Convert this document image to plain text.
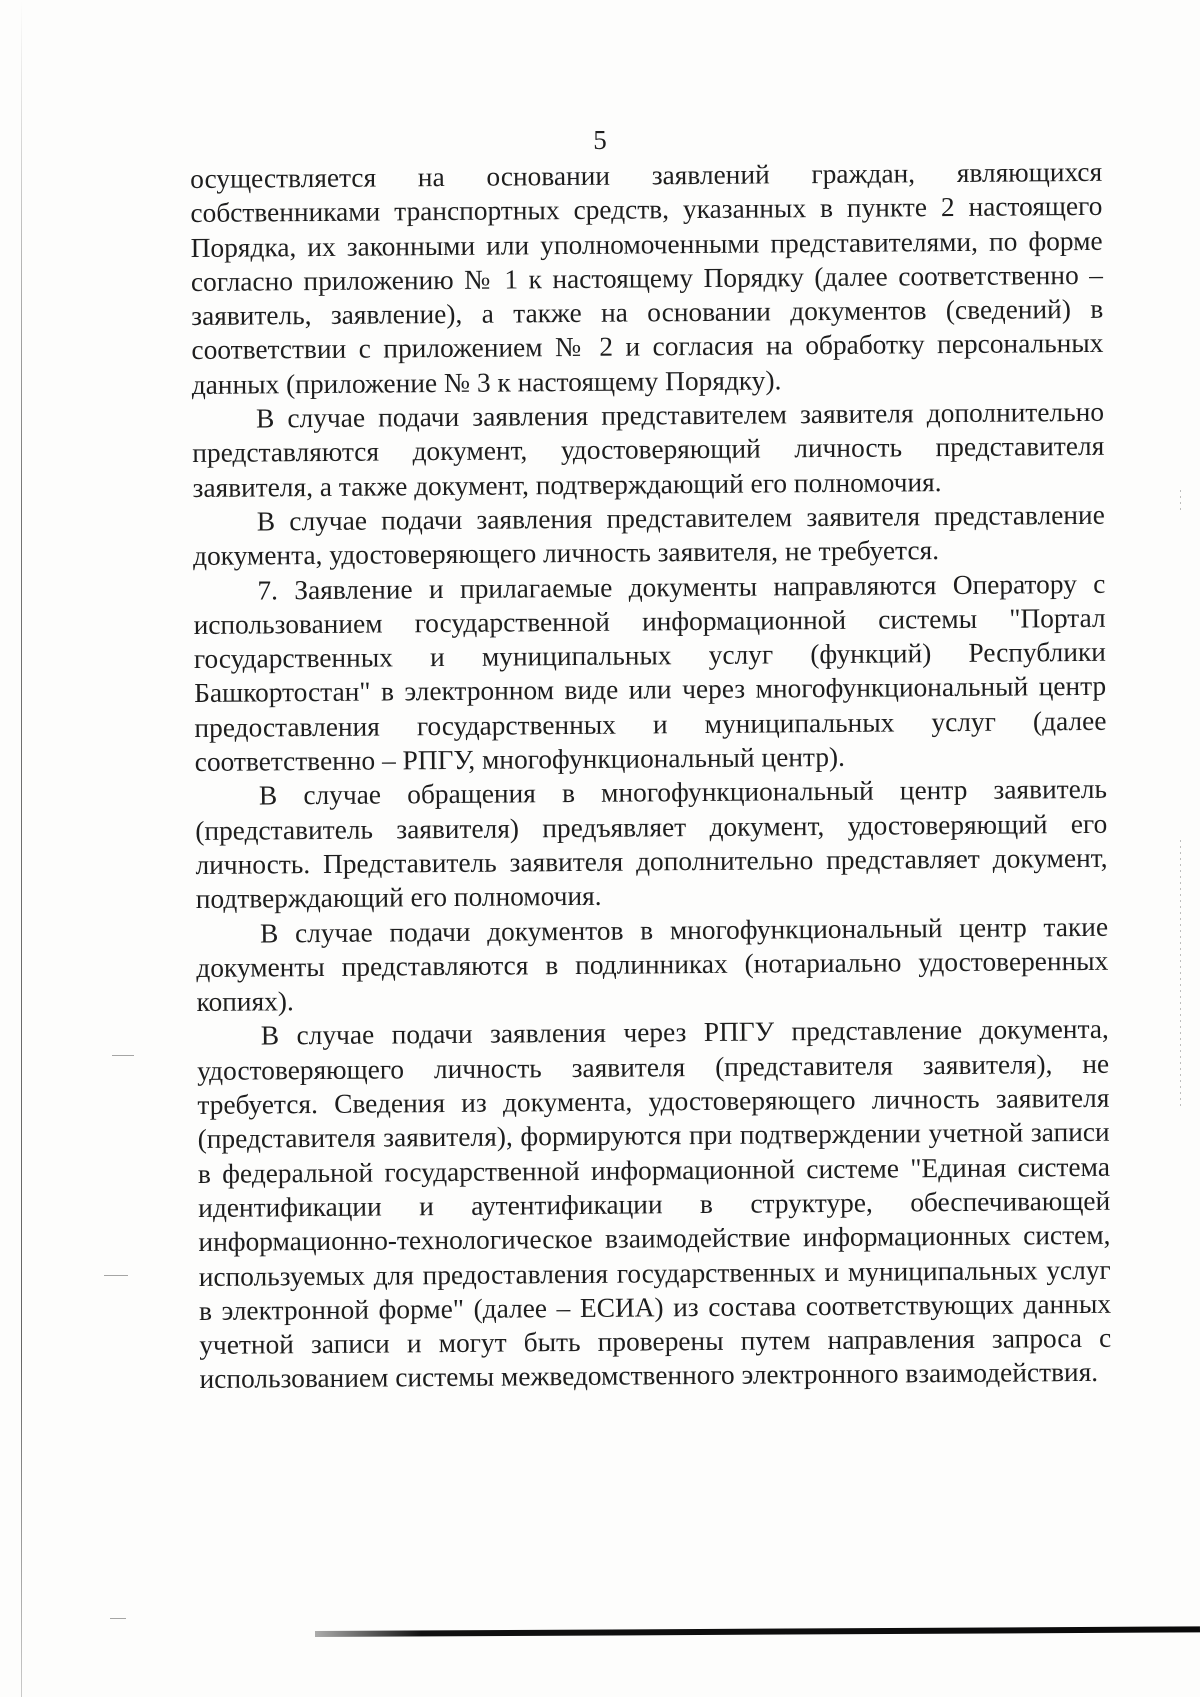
5

осуществляется на основании заявлений граждан, являющихся собственниками транспортных средств, указанных в пункте 2 настоящего Порядка, их законными или уполномоченными представителями, по форме согласно приложению № 1 к настоящему Порядку (далее соответственно – заявитель, заявление), а также на основании документов (сведений) в соответствии с приложением № 2 и согласия на обработку персональных данных (приложение № 3 к настоящему Порядку).

В случае подачи заявления представителем заявителя дополнительно представляются документ, удостоверяющий личность представителя заявителя, а также документ, подтверждающий его полномочия.

В случае подачи заявления представителем заявителя представление документа, удостоверяющего личность заявителя, не требуется.

7. Заявление и прилагаемые документы направляются Оператору с использованием государственной информационной системы "Портал государственных и муниципальных услуг (функций) Республики Башкортостан" в электронном виде или через многофункциональный центр предоставления государственных и муниципальных услуг (далее соответственно – РПГУ, многофункциональный центр).

В случае обращения в многофункциональный центр заявитель (представитель заявителя) предъявляет документ, удостоверяющий его личность. Представитель заявителя дополнительно представляет документ, подтверждающий его полномочия.

В случае подачи документов в многофункциональный центр такие документы представляются в подлинниках (нотариально удостоверенных копиях).

В случае подачи заявления через РПГУ представление документа, удостоверяющего личность заявителя (представителя заявителя), не требуется. Сведения из документа, удостоверяющего личность заявителя (представителя заявителя), формируются при подтверждении учетной записи в федеральной государственной информационной системе "Единая система идентификации и аутентификации в структуре, обеспечивающей информационно-технологическое взаимодействие информационных систем, используемых для предоставления государственных и муниципальных услуг в электронной форме" (далее – ЕСИА) из состава соответствующих данных учетной записи и могут быть проверены путем направления запроса с использованием системы межведомственного электронного взаимодействия.
